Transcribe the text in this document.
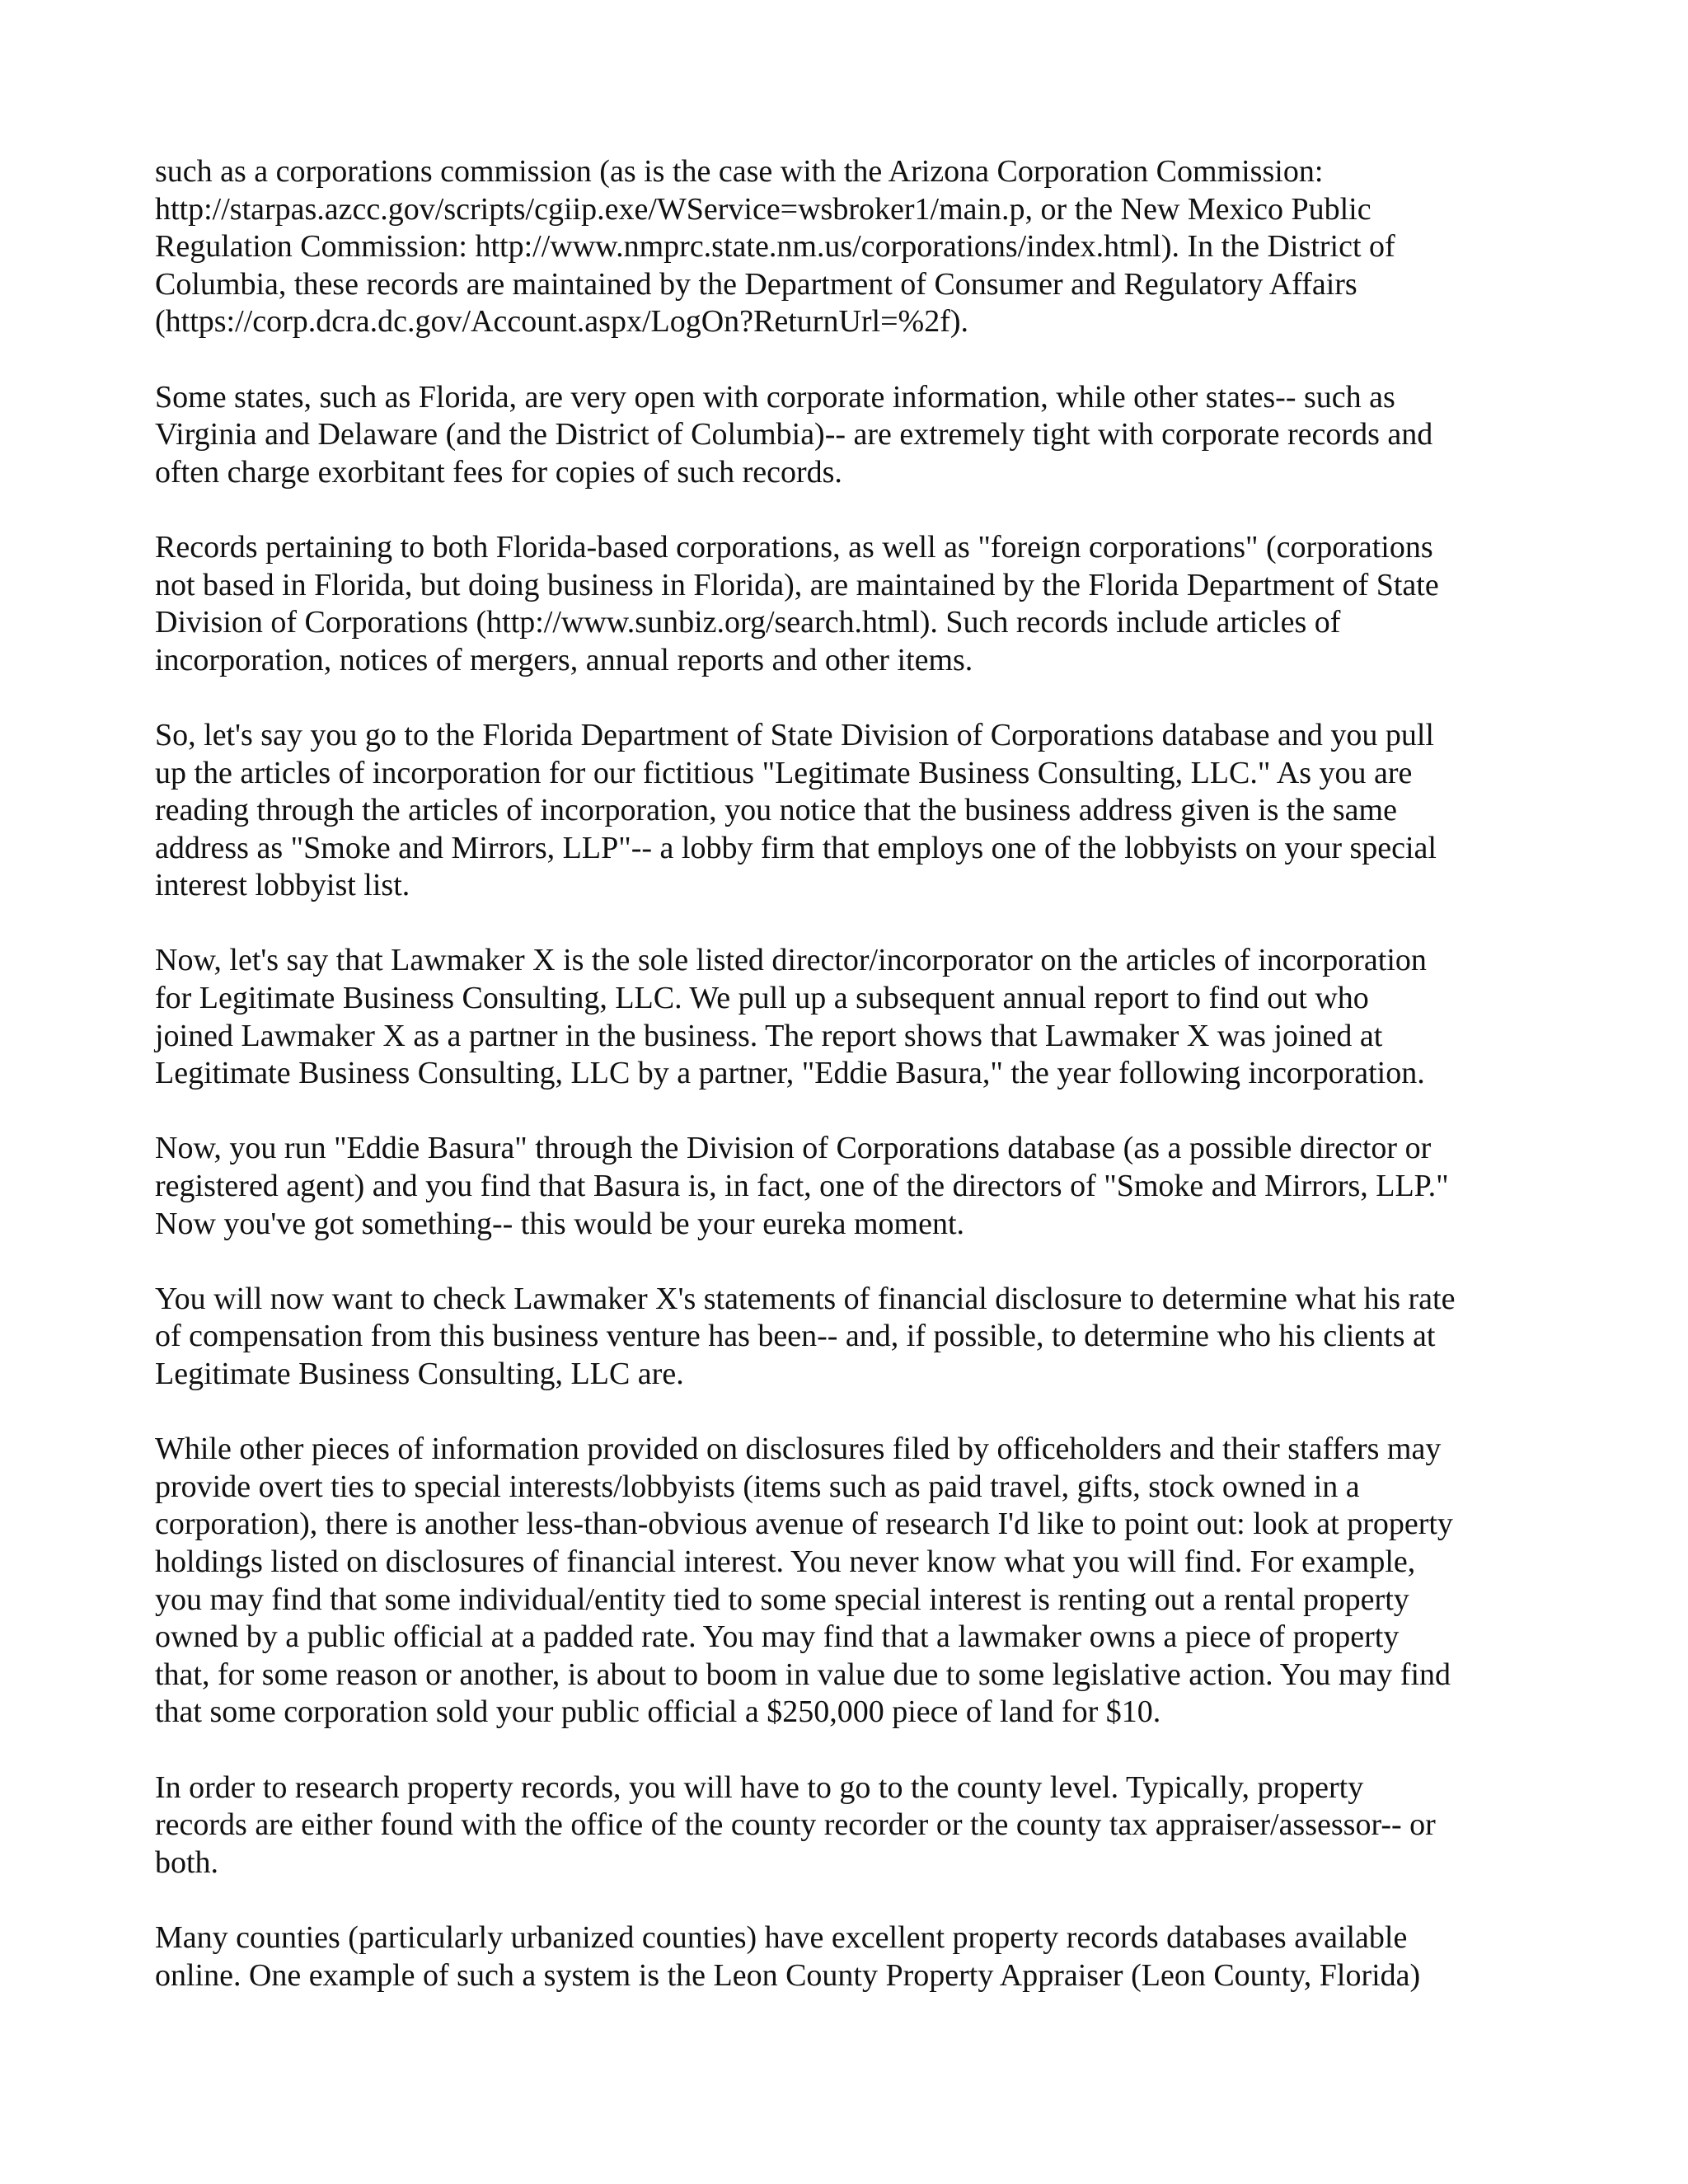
such as a corporations commission (as is the case with the Arizona Corporation Commission:
http://starpas.azcc.gov/scripts/cgiip.exe/WService=wsbroker1/main.p, or the New Mexico Public
Regulation Commission: http://www.nmprc.state.nm.us/corporations/index.html). In the District of
Columbia, these records are maintained by the Department of Consumer and Regulatory Affairs
(https://corp.dcra.dc.gov/Account.aspx/LogOn?ReturnUrl=%2f).

Some states, such as Florida, are very open with corporate information, while other states-- such as
Virginia and Delaware (and the District of Columbia)-- are extremely tight with corporate records and
often charge exorbitant fees for copies of such records.

Records pertaining to both Florida-based corporations, as well as "foreign corporations" (corporations
not based in Florida, but doing business in Florida), are maintained by the Florida Department of State
Division of Corporations (http://www.sunbiz.org/search.html). Such records include articles of
incorporation, notices of mergers, annual reports and other items.

So, let's say you go to the Florida Department of State Division of Corporations database and you pull
up the articles of incorporation for our fictitious "Legitimate Business Consulting, LLC." As you are
reading through the articles of incorporation, you notice that the business address given is the same
address as "Smoke and Mirrors, LLP"-- a lobby firm that employs one of the lobbyists on your special
interest lobbyist list.

Now, let's say that Lawmaker X is the sole listed director/incorporator on the articles of incorporation
for Legitimate Business Consulting, LLC. We pull up a subsequent annual report to find out who
joined Lawmaker X as a partner in the business. The report shows that Lawmaker X was joined at
Legitimate Business Consulting, LLC by a partner, "Eddie Basura," the year following incorporation.

Now, you run "Eddie Basura" through the Division of Corporations database (as a possible director or
registered agent) and you find that Basura is, in fact, one of the directors of "Smoke and Mirrors, LLP."
Now you've got something-- this would be your eureka moment.

You will now want to check Lawmaker X's statements of financial disclosure to determine what his rate
of compensation from this business venture has been-- and, if possible, to determine who his clients at
Legitimate Business Consulting, LLC are.

While other pieces of information provided on disclosures filed by officeholders and their staffers may
provide overt ties to special interests/lobbyists (items such as paid travel, gifts, stock owned in a
corporation), there is another less-than-obvious avenue of research I'd like to point out: look at property
holdings listed on disclosures of financial interest. You never know what you will find. For example,
you may find that some individual/entity tied to some special interest is renting out a rental property
owned by a public official at a padded rate. You may find that a lawmaker owns a piece of property
that, for some reason or another, is about to boom in value due to some legislative action. You may find
that some corporation sold your public official a $250,000 piece of land for $10.

In order to research property records, you will have to go to the county level. Typically, property
records are either found with the office of the county recorder or the county tax appraiser/assessor-- or
both.

Many counties (particularly urbanized counties) have excellent property records databases available
online. One example of such a system is the Leon County Property Appraiser (Leon County, Florida)
